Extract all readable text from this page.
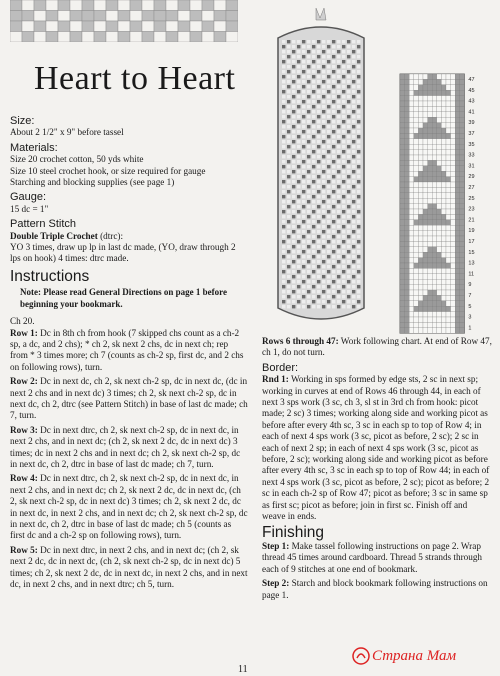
Heart to Heart
Size:
About 2 1/2" x 9" before tassel
Materials:
Size 20 crochet cotton, 50 yds white
Size 10 steel crochet hook, or size required for gauge
Starching and blocking supplies (see page 1)
Gauge:
15 dc = 1"
Pattern Stitch
Double Triple Crochet (dtrc):
YO 3 times, draw up lp in last dc made, (YO, draw through 2 lps on hook) 4 times: dtrc made.
Instructions
Note: Please read General Directions on page 1 before beginning your bookmark.
Ch 20.
Row 1: Dc in 8th ch from hook (7 skipped chs count as a ch-2 sp, a dc, and 2 chs); * ch 2, sk next 2 chs, dc in next ch; rep from * 3 times more; ch 7 (counts as ch-2 sp, first dc, and 2 chs on following rows), turn.
Row 2: Dc in next dc, ch 2, sk next ch-2 sp, dc in next dc, (dc in next 2 chs and in next dc) 3 times; ch 2, sk next ch-2 sp, dc in next dc, ch 2, dtrc (see Pattern Stitch) in base of last dc made; ch 7, turn.
Row 3: Dc in next dtrc, ch 2, sk next ch-2 sp, dc in next dc, in next 2 chs, and in next dc; (ch 2, sk next 2 dc, dc in next dc) 3 times; dc in next 2 chs and in next dc; ch 2, sk next ch-2 sp, dc in next dc, ch 2, dtrc in base of last dc made; ch 7, turn.
Row 4: Dc in next dtrc, ch 2, sk next ch-2 sp, dc in next dc, in next 2 chs, and in next dc; ch 2, sk next 2 dc, dc in next dc, (ch 2, sk next ch-2 sp, dc in next dc) 3 times; ch 2, sk next 2 dc, dc in next dc, in next 2 chs, and in next dc; ch 2, sk next ch-2 sp, dc in next dc, ch 2, dtrc in base of last dc made; ch 5 (counts as first dc and a ch-2 sp on following rows), turn.
Row 5: Dc in next dtrc, in next 2 chs, and in next dc; (ch 2, sk next 2 dc, dc in next dc, (ch 2, sk next ch-2 sp, dc in next dc) 5 times; ch 2, sk next 2 dc, dc in next dc, in next 2 chs, and in next dc, in next 2 chs, and in next dtrc; ch 5, turn.
47
45
43
41
39
37
35
33
31
29
27
25
23
21
19
17
15
13
11
9
7
5
3
1
Rows 6 through 47: Work following chart. At end of Row 47, ch 1, do not turn.
Border:
Rnd 1: Working in sps formed by edge sts, 2 sc in next sp; working in curves at end of Rows 46 through 44, in each of next 3 sps work (3 sc, ch 3, sl st in 3rd ch from hook: picot made; 2 sc) 3 times; working along side and working picot as before after every 4th sc, 3 sc in each sp to top of Row 4; in each of next 4 sps work (3 sc, picot as before, 2 sc); 2 sc in each of next 2 sp; in each of next 4 sps work (3 sc, picot as before, 2 sc); working along side and working picot as before after every 4th sc, 3 sc in each sp to top of Row 44; in each of next 4 sps work (3 sc, picot as before, 2 sc); picot as before; 2 sc in each ch-2 sp of Row 47; picot as before; 3 sc in same sp as first sc; picot as before; join in first sc. Finish off and weave in ends.
Finishing
Step 1: Make tassel following instructions on page 2. Wrap thread 45 times around cardboard. Thread 5 strands through each of 9 stitches at one end of bookmark.
Step 2: Starch and block bookmark following instructions on page 1.
11
Страна Мам
